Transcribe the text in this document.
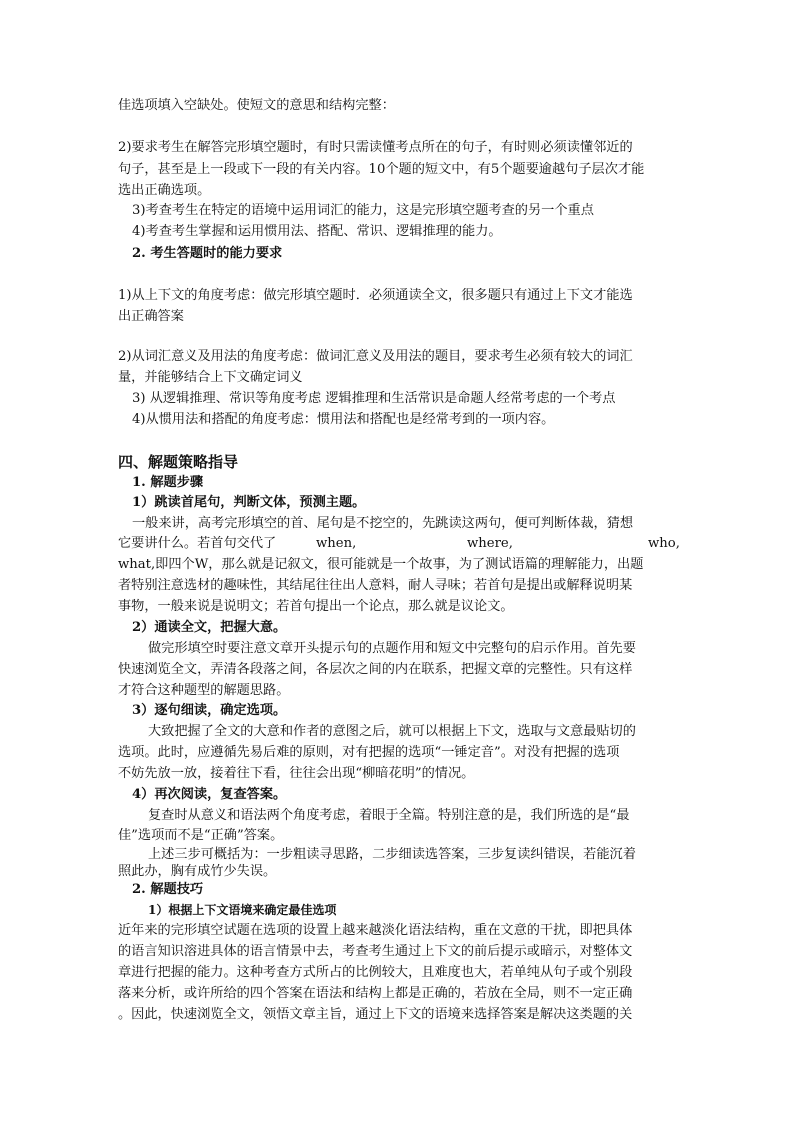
佳选项填入空缺处。使短文的意思和结构完整：
2)要求考生在解答完形填空题时，有时只需读懂考点所在的句子，有时则必须读懂邻近的
句子，甚至是上一段或下一段的有关内容。10个题的短文中，有5个题要逾越句子层次才能
选出正确选项。
3)考查考生在特定的语境中运用词汇的能力，这是完形填空题考查的另一个重点
4)考查考生掌握和运用惯用法、搭配、常识、逻辑推理的能力。
2. 考生答题时的能力要求
1)从上下文的角度考虑：做完形填空题时．必须通读全文，很多题只有通过上下文才能选
出正确答案
2)从词汇意义及用法的角度考虑：做词汇意义及用法的题目，要求考生必须有较大的词汇
量，并能够结合上下文确定词义
3) 从逻辑推理、常识等角度考虑 逻辑推理和生活常识是命题人经常考虑的一个考点
4)从惯用法和搭配的角度考虑：惯用法和搭配也是经常考到的一项内容。
四、解题策略指导
1. 解题步骤
1）跳读首尾句，判断文体，预测主题。
一般来讲，高考完形填空的首、尾句是不挖空的，先跳读这两句，便可判断体裁，猜想
它要讲什么。若首句交代了	when,	where,	who,
what,即四个W，那么就是记叙文，很可能就是一个故事，为了测试语篇的理解能力，出题
者特别注意选材的趣味性，其结尾往往出人意料，耐人寻味；若首句是提出或解释说明某
事物，一般来说是说明文；若首句提出一个论点，那么就是议论文。
2）通读全文，把握大意。
做完形填空时要注意文章开头提示句的点题作用和短文中完整句的启示作用。首先要
快速浏览全文，弄清各段落之间，各层次之间的内在联系，把握文章的完整性。只有这样
才符合这种题型的解题思路。
3）逐句细读，确定选项。
大致把握了全文的大意和作者的意图之后，就可以根据上下文，选取与文意最贴切的
选项。此时，应遵循先易后难的原则，对有把握的选项“一锤定音”。对没有把握的选项
不妨先放一放，接着往下看，往往会出现“柳暗花明”的情况。
4）再次阅读，复查答案。
复查时从意义和语法两个角度考虑，着眼于全篇。特别注意的是，我们所选的是“最
佳”选项而不是“正确”答案。
上述三步可概括为：一步粗读寻思路，二步细读选答案，三步复读纠错误，若能沉着
照此办，胸有成竹少失误。
2. 解题技巧
1）根据上下文语境来确定最佳选项
近年来的完形填空试题在选项的设置上越来越淡化语法结构，重在文意的干扰，即把具体
的语言知识溶进具体的语言情景中去，考查考生通过上下文的前后提示或暗示，对整体文
章进行把握的能力。这种考查方式所占的比例较大，且难度也大，若单纯从句子或个别段
落来分析，或许所给的四个答案在语法和结构上都是正确的，若放在全局，则不一定正确
。因此，快速浏览全文，领悟文章主旨，通过上下文的语境来选择答案是解决这类题的关
